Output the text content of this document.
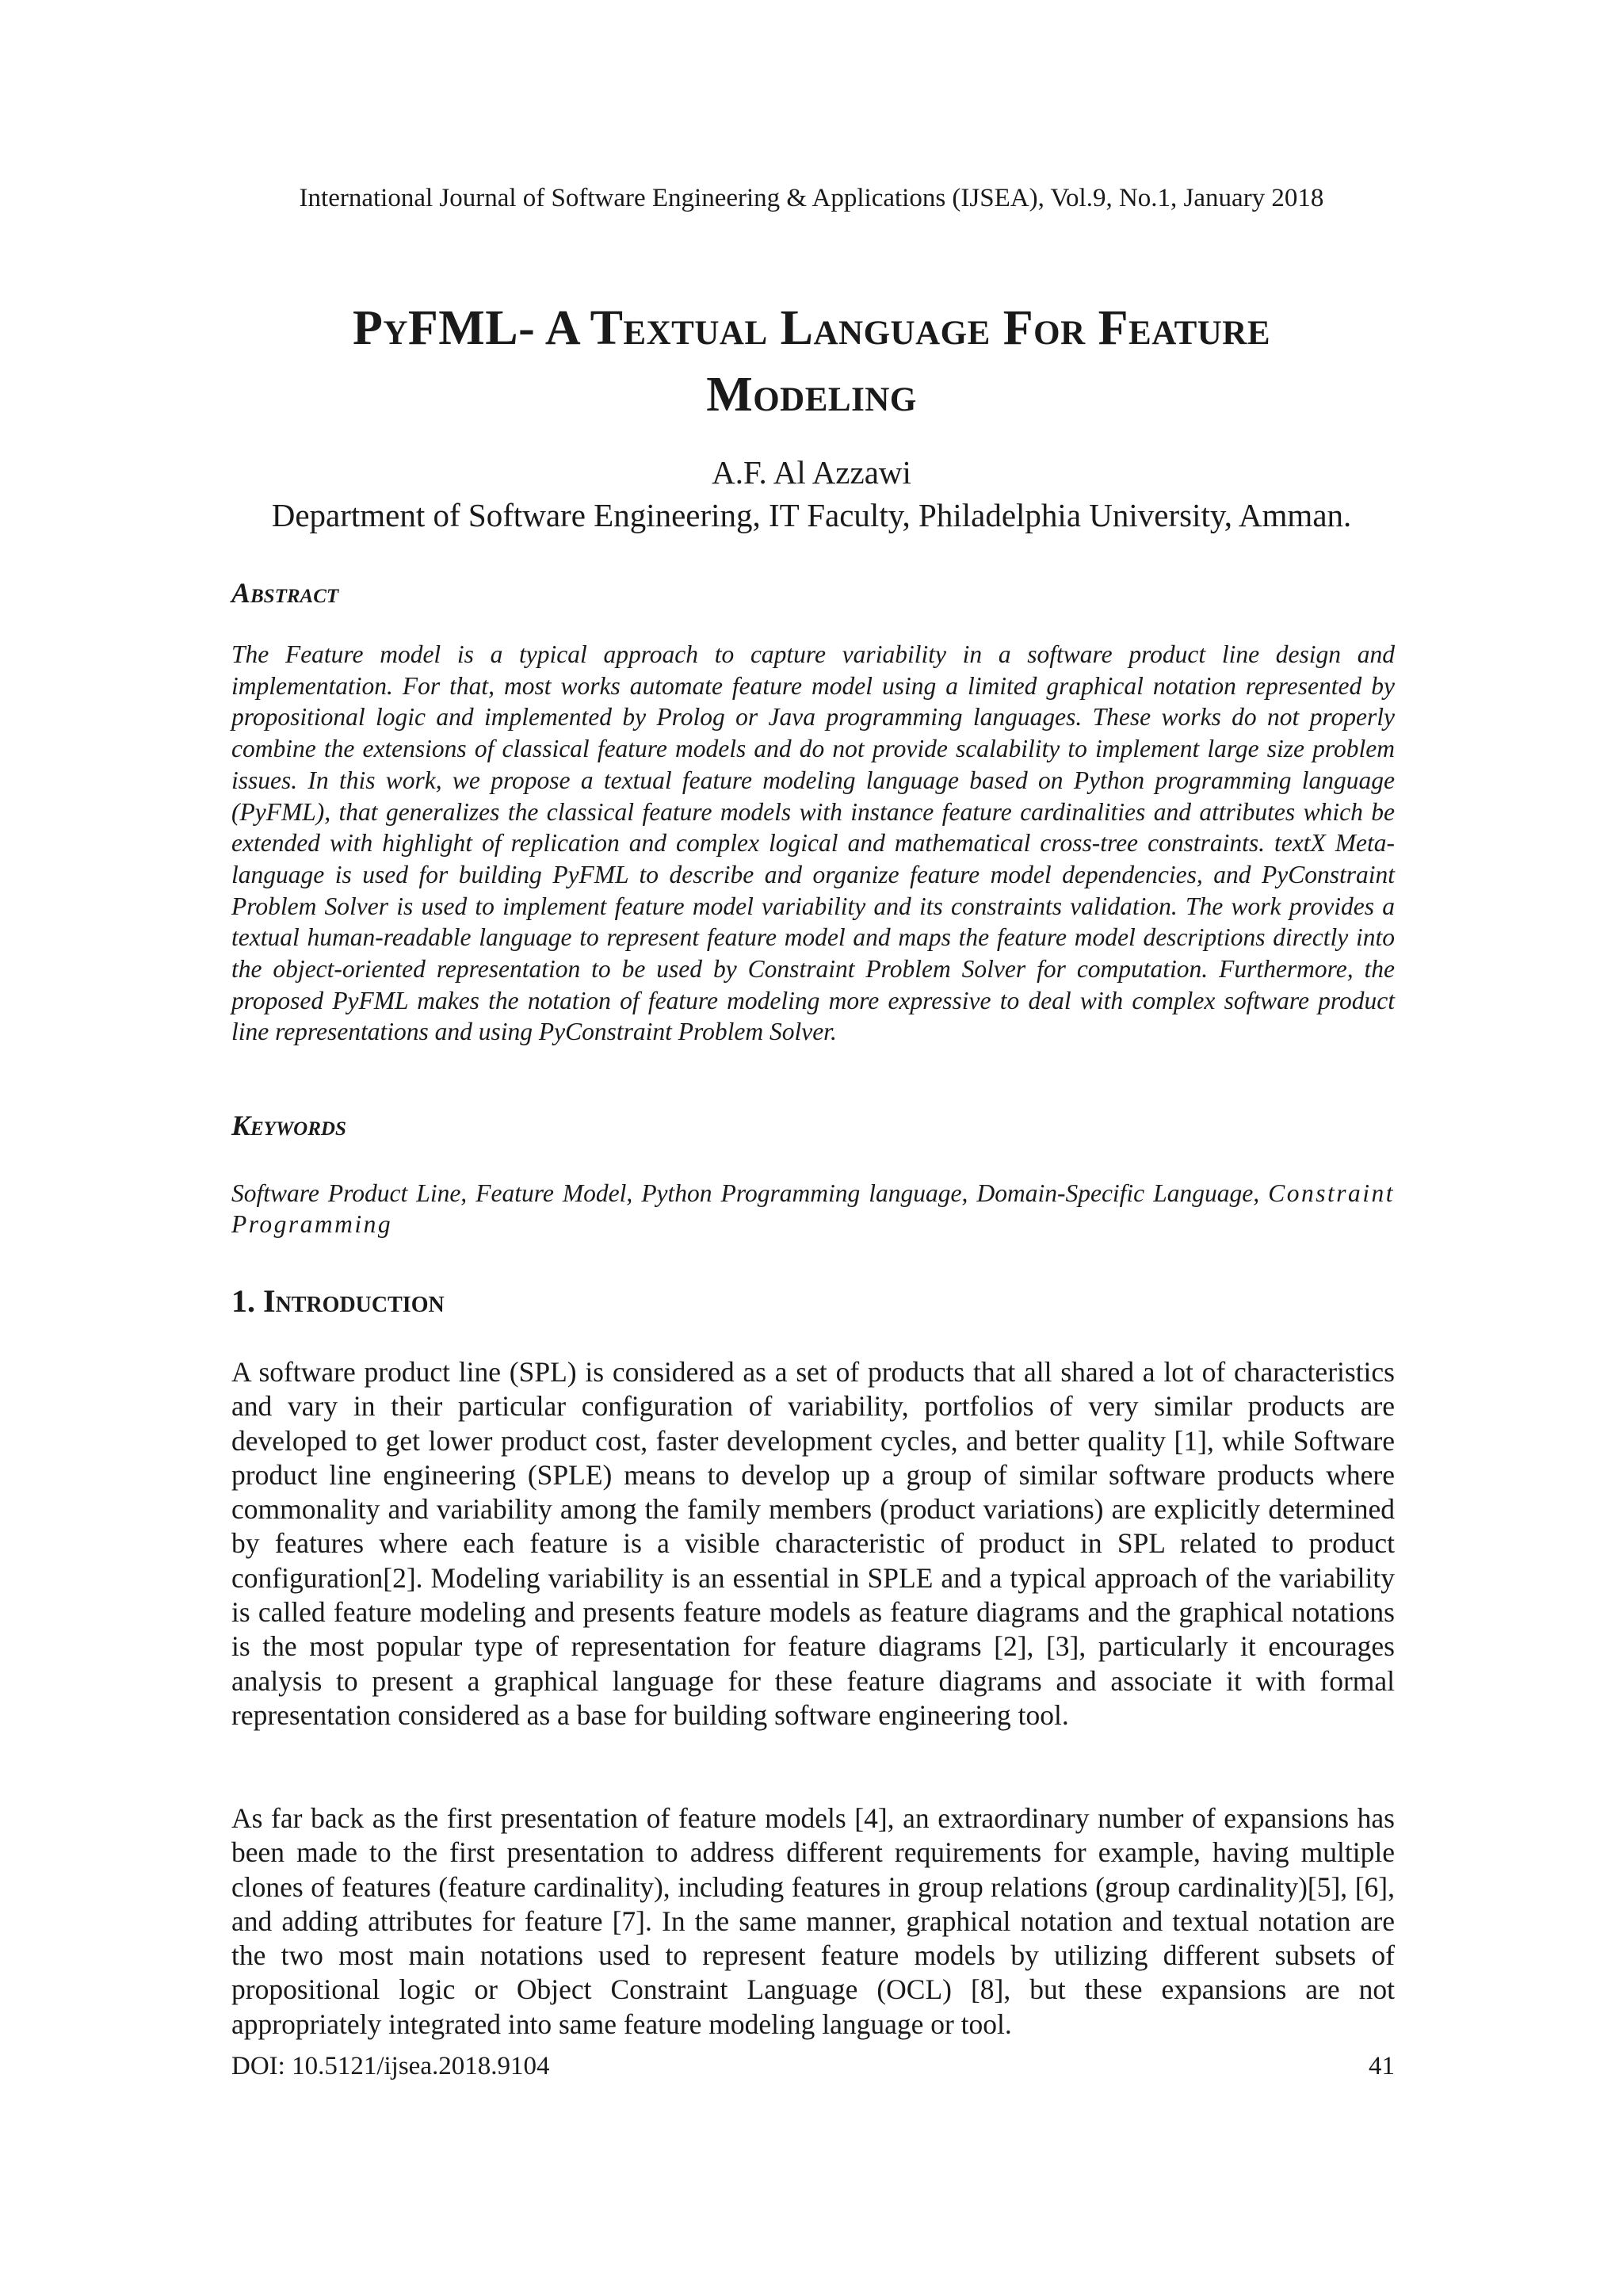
International Journal of Software Engineering & Applications (IJSEA), Vol.9, No.1, January 2018
PyFML- A Textual Language For Feature
Modeling
A.F. Al Azzawi
Department of Software Engineering, IT Faculty, Philadelphia University, Amman.
Abstract
The Feature model is a typical approach to capture variability in a software product line design and implementation. For that, most works automate feature model using a limited graphical notation represented by propositional logic and implemented by Prolog or Java programming languages. These works do not properly combine the extensions of classical feature models and do not provide scalability to implement large size problem issues. In this work, we propose a textual feature modeling language based on Python programming language (PyFML), that generalizes the classical feature models with instance feature cardinalities and attributes which be extended with highlight of replication and complex logical and mathematical cross-tree constraints. textX Meta-language is used for building PyFML to describe and organize feature model dependencies, and PyConstraint Problem Solver is used to implement feature model variability and its constraints validation. The work provides a textual human-readable language to represent feature model and maps the feature model descriptions directly into the object-oriented representation to be used by Constraint Problem Solver for computation. Furthermore, the proposed PyFML makes the notation of feature modeling more expressive to deal with complex software product line representations and using PyConstraint Problem Solver.
Keywords
Software Product Line, Feature Model, Python Programming language, Domain-Specific Language, Constraint Programming
1. Introduction
A software product line (SPL) is considered as a set of products that all shared a lot of characteristics and vary in their particular configuration of variability, portfolios of very similar products are developed to get lower product cost, faster development cycles, and better quality [1], while Software product line engineering (SPLE) means to develop up a group of similar software products where commonality and variability among the family members (product variations) are explicitly determined by features where each feature is a visible characteristic of product in SPL related to product configuration[2]. Modeling variability is an essential in SPLE and a typical approach of the variability is called feature modeling and presents feature models as feature diagrams and the graphical notations is the most popular type of representation for feature diagrams [2], [3], particularly it encourages analysis to present a graphical language for these feature diagrams and associate it with formal representation considered as a base for building software engineering tool.
As far back as the first presentation of feature models [4], an extraordinary number of expansions has been made to the first presentation to address different requirements for example, having multiple clones of features (feature cardinality), including features in group relations (group cardinality)[5], [6], and adding attributes for feature [7]. In the same manner, graphical notation and textual notation are the two most main notations used to represent feature models by utilizing different subsets of propositional logic or Object Constraint Language (OCL) [8], but these expansions are not appropriately integrated into same feature modeling language or tool.
DOI: 10.5121/ijsea.2018.9104	41
